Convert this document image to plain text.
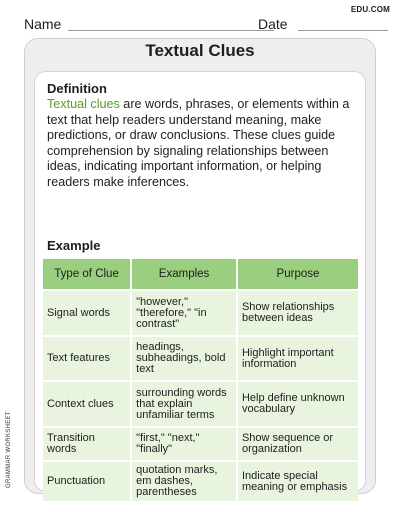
EDU.COM
Name	Date
Textual Clues
Definition

Textual clues are words, phrases, or elements within a text that help readers understand meaning, make predictions, or draw conclusions. These clues guide comprehension by signaling relationships between ideas, indicating important information, or helping readers make inferences.

Example
Type of Clue	Examples	Purpose
Signal words	"however," "therefore," "in contrast"	Show relationships between ideas
Text features	headings, subheadings, bold text	Highlight important information
Context clues	surrounding words that explain unfamiliar terms	Help define unknown vocabulary
Transition words	"first," "next," "finally"	Show sequence or organization
Punctuation	quotation marks, em dashes, parentheses	Indicate special meaning or emphasis
GRAMMAR WORKSHEET
